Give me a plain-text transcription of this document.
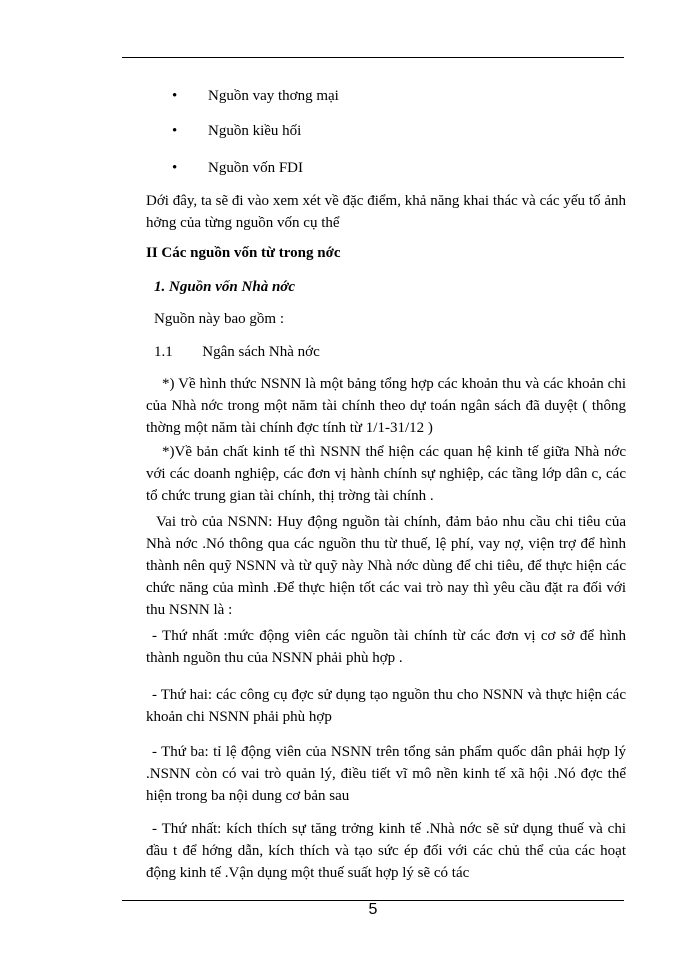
• Nguồn vay thơng mại
• Nguồn kiều hối
• Nguồn vốn FDI

Dới đây, ta sẽ đi vào xem xét về đặc điểm, khả năng khai thác và các yếu tố ảnh hởng của từng nguồn vốn cụ thể

II Các nguồn vốn từ trong nớc

1. Nguồn vốn Nhà nớc

Nguồn này bao gồm :

1.1 Ngân sách Nhà nớc

*) Về hình thức NSNN là một bảng tổng hợp các khoản thu và các khoản chi của Nhà nớc trong một năm tài chính theo dự toán ngân sách đã duyệt ( thông thờng một năm tài chính đợc tính từ 1/1-31/12 )

*)Về bản chất kinh tế thì NSNN thể hiện các quan hệ kinh tế giữa Nhà nớc với các doanh nghiệp, các đơn vị hành chính sự nghiệp, các tầng lớp dân c, các tổ chức trung gian tài chính, thị trờng tài chính .

Vai trò của NSNN: Huy động nguồn tài chính, đảm bảo nhu cầu chi tiêu của Nhà nớc .Nó thông qua các nguồn thu từ thuế, lệ phí, vay nợ, viện trợ để hình thành nên quỹ NSNN và từ quỹ này Nhà nớc dùng để chi tiêu, để thực hiện các chức năng của mình .Để thực hiện tốt các vai trò nay thì yêu cầu đặt ra đối với thu NSNN là :

- Thứ nhất :mức động viên các nguồn tài chính từ các đơn vị cơ sở để hình thành nguồn thu của NSNN phải phù hợp .

- Thứ hai: các công cụ đợc sử dụng tạo nguồn thu cho NSNN và thực hiện các khoản chi NSNN phải phù hợp

- Thứ ba: tỉ lệ động viên của NSNN trên tổng sản phẩm quốc dân phải hợp lý .NSNN còn có vai trò quản lý, điều tiết vĩ mô nền kinh tế xã hội .Nó đợc thể hiện trong ba nội dung cơ bản sau

- Thứ nhất: kích thích sự tăng trởng kinh tế .Nhà nớc sẽ sử dụng thuế và chi đầu t để hớng dẫn, kích thích và tạo sức ép đối với các chủ thể của các hoạt động kinh tế .Vận dụng một thuế suất hợp lý sẽ có tác

5
